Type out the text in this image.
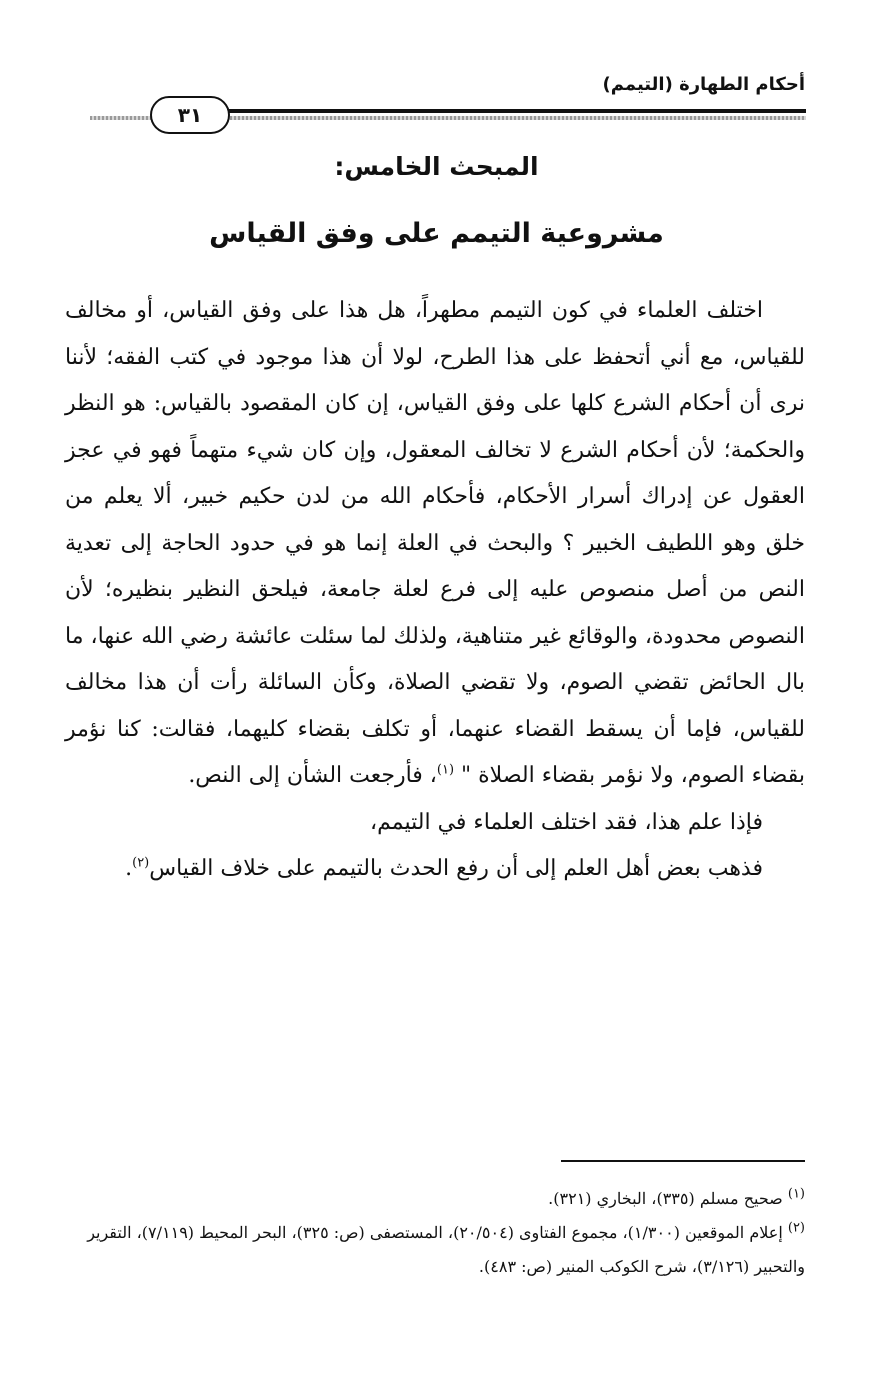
أحكام الطهارة (التيمم)
٣١
المبحث الخامس:
مشروعية التيمم على وفق القياس

اختلف العلماء في كون التيمم مطهراً، هل هذا على وفق القياس، أو مخالف للقياس، مع أني أتحفظ على هذا الطرح، لولا أن هذا موجود في كتب الفقه؛ لأننا نرى أن أحكام الشرع كلها على وفق القياس، إن كان المقصود بالقياس: هو النظر والحكمة؛ لأن أحكام الشرع لا تخالف المعقول، وإن كان شيء متهماً فهو في عجز العقول عن إدراك أسرار الأحكام، فأحكام الله من لدن حكيم خبير، ألا يعلم من خلق وهو اللطيف الخبير ؟ والبحث في العلة إنما هو في حدود الحاجة إلى تعدية النص من أصل منصوص عليه إلى فرع لعلة جامعة، فيلحق النظير بنظيره؛ لأن النصوص محدودة، والوقائع غير متناهية، ولذلك لما سئلت عائشة رضي الله عنها، ما بال الحائض تقضي الصوم، ولا تقضي الصلاة، وكأن السائلة رأت أن هذا مخالف للقياس، فإما أن يسقط القضاء عنهما، أو تكلف بقضاء كليهما، فقالت: كنا نؤمر بقضاء الصوم، ولا نؤمر بقضاء الصلاة " $^{(١)}$، فأرجعت الشأن إلى النص.

فإذا علم هذا، فقد اختلف العلماء في التيمم،

فذهب بعض أهل العلم إلى أن رفع الحدث بالتيمم على خلاف القياس$^{(٢)}$.

$^{(١)}$ صحيح مسلم (٣٣٥)، البخاري (٣٢١).

$^{(٢)}$ إعلام الموقعين (١/٣٠٠)، مجموع الفتاوى (٢٠/٥٠٤)، المستصفى (ص: ٣٢٥)، البحر المحيط (٧/١١٩)، التقرير والتحبير (٣/١٢٦)، شرح الكوكب المنير (ص: ٤٨٣).
